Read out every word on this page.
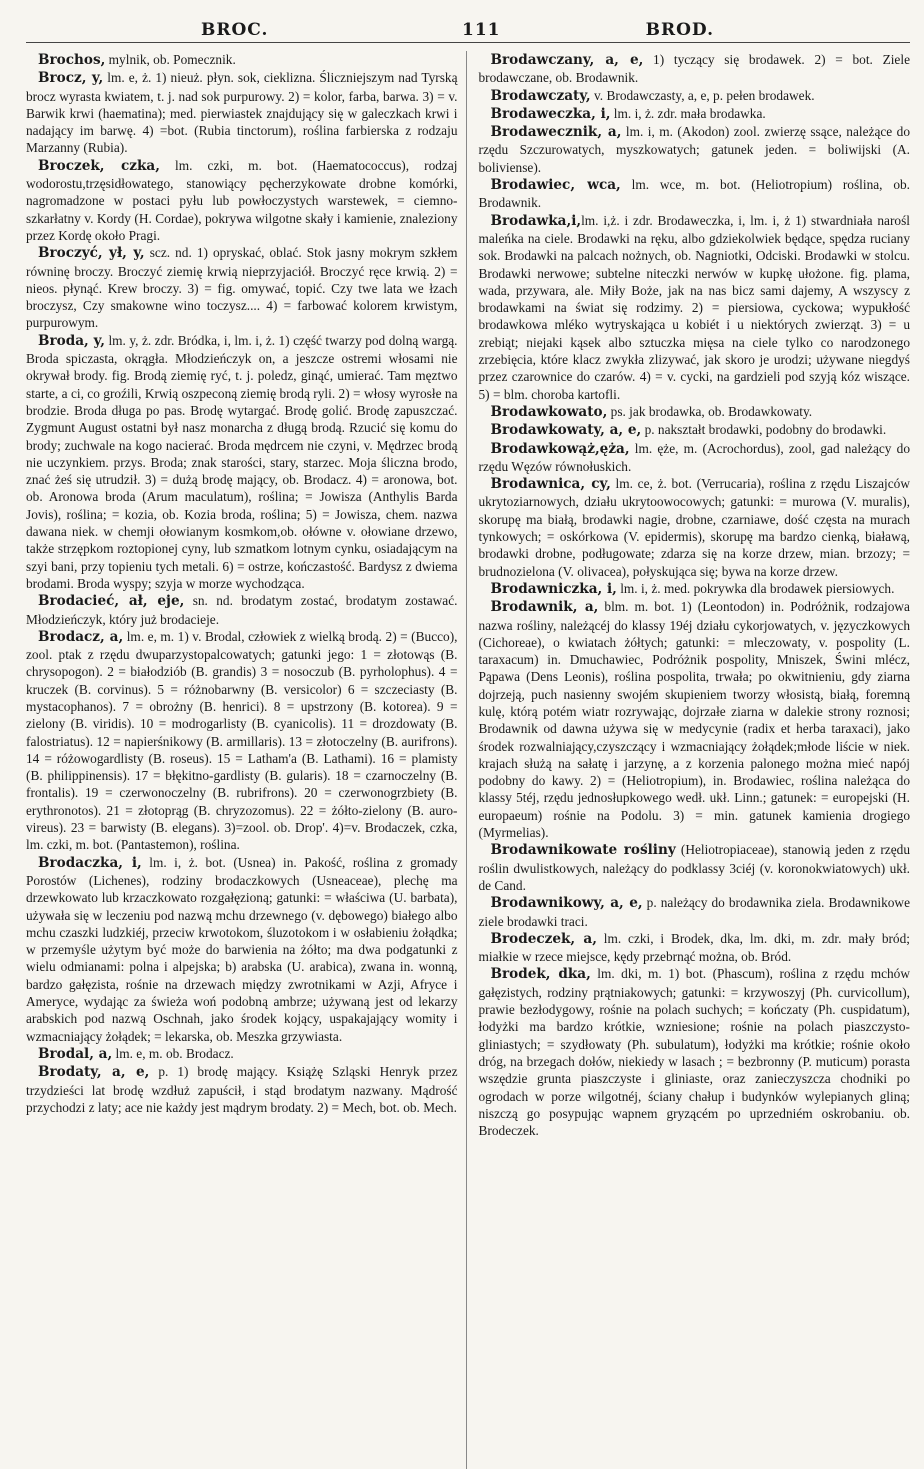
BROC.	111	BROD.

Brochos, mylnik, ob. Pomecznik.

Brocz, y, lm. e, ż. 1) nieuż. płyn. sok, cieklizna. Śliczniejszym nad Tyrską brocz wyrasta kwiatem, t. j. nad sok purpurowy. 2) = kolor, farba, barwa. 3) = v. Barwik krwi (haematina); med. pierwiastek znajdujący się w galeczkach krwi i nadający im barwę. 4) =bot. (Rubia tinctorum), roślina farbierska z rodzaju Marzanny (Rubia).

Broczek, czka, lm. czki, m. bot. (Haematococcus), rodzaj wodorostu,trzęsidłowatego, stanowiący pęcherzykowate drobne komórki, nagromadzone w postaci pyłu lub powłoczystych warstewek, = ciemno-szkarłatny v. Kordy (H. Cordae), pokrywa wilgotne skały i kamienie, znaleziony przez Kordę około Pragi.

Broczyć, ył, y, scz. nd. 1) opryskać, oblać. Stok jasny mokrym szkłem równinę broczy. Broczyć ziemię krwią nieprzyjaciół. Broczyć ręce krwią. 2) = nieos. płynąć. Krew broczy. 3) = fig. omywać, topić. Czy twe lata we łzach broczysz, Czy smakowne wino toczysz.... 4) = farbować kolorem krwistym, purpurowym.

Broda, y, lm. y, ż. zdr. Bródka, i, lm. i, ż. 1) część twarzy pod dolną wargą. Broda spiczasta, okrągła. Młodzieńczyk on, a jeszcze ostremi włosami nie okrywał brody. fig. Brodą ziemię ryć, t. j. poledz, ginąć, umierać. Tam męztwo starte, a ci, co groźili, Krwią oszpeconą ziemię brodą ryli. 2) = włosy wyrosłe na brodzie. Broda długa po pas. Brodę wytargać. Brodę golić. Brodę zapuszczać. Zygmunt August ostatni był nasz monarcha z długą brodą. Rzucić się komu do brody; zuchwale na kogo nacierać. Broda mędrcem nie czyni, v. Mędrzec brodą nie uczynkiem. przys. Broda; znak starości, stary, starzec. Moja śliczna brodo, znać żeś się utrudził. 3) = dużą brodę mający, ob. Brodacz. 4) = aronowa, bot. ob. Aronowa broda (Arum maculatum), roślina; = Jowisza (Anthylis Barda Jovis), roślina; = kozia, ob. Kozia broda, roślina; 5) = Jowisza, chem. nazwa dawana niek. w chemji ołowianym kosmkom,ob. ołówne v. ołowiane drzewo, także strzępkom roztopionej cyny, lub szmatkom lotnym cynku, osiadającym na szyi bani, przy topieniu tych metali. 6) = ostrze, kończastość. Bardysz z dwiema brodami. Broda wyspy; szyja w morze wychodząca.

Brodacieć, ał, eje, sn. nd. brodatym zostać, brodatym zostawać. Młodzieńczyk, który już brodacieje.

Brodacz, a, lm. e, m. 1) v. Brodal, człowiek z wielką brodą. 2) = (Bucco), zool. ptak z rzędu dwuparzystopalcowatych; gatunki jego: 1 = złotowąs (B. chrysopogon). 2 = białodziób (B. grandis) 3 = nosoczub (B. pyrholophus). 4 = kruczek (B. corvinus). 5 = różnobarwny (B. versicolor) 6 = szczeciasty (B. mystacophanos). 7 = obrożny (B. henrici). 8 = upstrzony (B. kotorea). 9 = zielony (B. viridis). 10 = modrogarlisty (B. cyanicolis). 11 = drozdowaty (B. falostriatus). 12 = napierśnikowy (B. armillaris). 13 = złotoczelny (B. aurifrons). 14 = różowogardlisty (B. roseus). 15 = Latham'a (B. Lathami). 16 = plamisty (B. philippinensis). 17 = błękitno-gardlisty (B. gularis). 18 = czarnoczelny (B. frontalis). 19 = czerwonoczelny (B. rubrifrons). 20 = czerwonogrzbiety (B. erythronotos). 21 = złotoprąg (B. chryzozomus). 22 = żółto-zielony (B. auro-vireus). 23 = barwisty (B. elegans). 3)=zool. ob. Drop'. 4)=v. Brodaczek, czka, lm. czki, m. bot. (Pantastemon), roślina.

Brodaczka, i, lm. i, ż. bot. (Usnea) in. Pakość, roślina z gromady Porostów (Lichenes), rodziny brodaczkowych (Usneaceae), plechę ma drzewkowato lub krzaczkowato rozgałęzioną; gatunki: = właściwa (U. barbata), używała się w leczeniu pod nazwą mchu drzewnego (v. dębowego) białego albo mchu czaszki ludzkiéj, przeciw krwotokom, śluzotokom i w osłabieniu żołądka; w przemyśle użytym być może do barwienia na żółto; ma dwa podgatunki z wielu odmianami: polna i alpejska; b) arabska (U. arabica), zwana in. wonną, bardzo gałęzista, rośnie na drzewach między zwrotnikami w Azji, Afryce i Ameryce, wydając za świeża woń podobną ambrze; używaną jest od lekarzy arabskich pod nazwą Oschnah, jako środek kojący, uspakajający womity i wzmacniający żołądek; = lekarska, ob. Meszka grzywiasta.

Brodal, a, lm. e, m. ob. Brodacz.

Brodaty, a, e, p. 1) brodę mający. Książę Szląski Henryk przez trzydzieści lat brodę wzdłuż zapuścił, i stąd brodatym nazwany. Mądrość przychodzi z laty; ace nie każdy jest mądrym brodaty. 2) = Mech, bot. ob. Mech.

Brodawczany, a, e, 1) tyczący się brodawek. 2) = bot. Ziele brodawczane, ob. Brodawnik.

Brodawczaty, v. Brodawczasty, a, e, p. pełen brodawek.

Brodaweczka, i, lm. i, ż. zdr. mała brodawka.

Brodawecznik, a, lm. i, m. (Akodon) zool. zwierzę ssące, należące do rzędu Szczurowatych, myszkowatych; gatunek jeden. = boliwijski (A. boliviense).

Brodawiec, wca, lm. wce, m. bot. (Heliotropium) roślina, ob. Brodawnik.

Brodawka,i,lm. i,ż. i zdr. Brodaweczka, i, lm. i, ż 1) stwardniała narośl maleńka na ciele. Brodawki na ręku, albo gdziekolwiek będące, spędza ruciany sok. Brodawki na palcach nożnych, ob. Nagniotki, Odciski. Brodawki w stolcu. Brodawki nerwowe; subtelne niteczki nerwów w kupkę ułożone. fig. plama, wada, przywara, ale. Miły Boże, jak na nas bicz sami dajemy, A wszyscy z brodawkami na świat się rodzimy. 2) = piersiowa, cyckowa; wypukłość brodawkowa mléko wytryskająca u kobiét i u niektórych zwierząt. 3) = u zrebiąt; niejaki kąsek albo sztuczka mięsa na ciele tylko co narodzonego zrzebięcia, które klacz zwykła zlizywać, jak skoro je urodzi; używane niegdyś przez czarownice do czarów. 4) = v. cycki, na gardzieli pod szyją kóz wiszące. 5) = blm. choroba kartofli.

Brodawkowato, ps. jak brodawka, ob. Brodawkowaty.

Brodawkowaty, a, e, p. nakształt brodawki, podobny do brodawki.

Brodawkowąż,ęża, lm. ęże, m. (Acrochordus), zool, gad należący do rzędu Węzów równołuskich.

Brodawnica, cy, lm. ce, ż. bot. (Verrucaria), roślina z rzędu Liszajców ukrytoziarnowych, działu ukrytoowocowych; gatunki: = murowa (V. muralis), skorupę ma białą, brodawki nagie, drobne, czarniawe, dość częsta na murach tynkowych; = oskórkowa (V. epidermis), skorupę ma bardzo cienką, białawą, brodawki drobne, podługowate; zdarza się na korze drzew, mian. brzozy; = brudnozielona (V. olivacea), połyskująca się; bywa na korze drzew.

Brodawniczka, i, lm. i, ż. med. pokrywka dla brodawek piersiowych.

Brodawnik, a, blm. m. bot. 1) (Leontodon) in. Podróżnik, rodzajowa nazwa rośliny, należącéj do klassy 19éj działu cykorjowatych, v. języczkowych (Cichoreae), o kwiatach żółtych; gatunki: = mleczowaty, v. pospolity (L. taraxacum) in. Dmuchawiec, Podróżnik pospolity, Mniszek, Świni mlécz, Pąpawa (Dens Leonis), roślina pospolita, trwała; po okwitnieniu, gdy ziarna dojrzeją, puch nasienny swojém skupieniem tworzy włosistą, białą, foremną kulę, którą potém wiatr rozrywając, dojrzałe ziarna w dalekie strony roznosi; Brodawnik od dawna używa się w medycynie (radix et herba taraxaci), jako środek rozwalniający,czyszczący i wzmacniający żołądek;młode liście w niek. krajach służą na sałatę i jarzynę, a z korzenia palonego można mieć napój podobny do kawy. 2) = (Heliotropium), in. Brodawiec, roślina należąca do klassy 5téj, rzędu jednosłupkowego wedł. ukł. Linn.; gatunek: = europejski (H. europaeum) rośnie na Podolu. 3) = min. gatunek kamienia drogiego (Myrmelias).

Brodawnikowate rośliny (Heliotropiaceae), stanowią jeden z rzędu roślin dwulistkowych, należący do podklassy 3ciéj (v. koronokwiatowych) ukł. de Cand.

Brodawnikowy, a, e, p. należący do brodawnika ziela. Brodawnikowe ziele brodawki traci.

Brodeczek, a, lm. czki, i Brodek, dka, lm. dki, m. zdr. mały bród; miałkie w rzece miejsce, kędy przebrnąć można, ob. Bród.

Brodek, dka, lm. dki, m. 1) bot. (Phascum), roślina z rzędu mchów gałęzistych, rodziny prątniakowych; gatunki: = krzywoszyj (Ph. curvicollum), prawie bezłodygowy, rośnie na polach suchych; = kończaty (Ph. cuspidatum), łodyżki ma bardzo krótkie, wzniesione; rośnie na polach piaszczysto-gliniastych; = szydłowaty (Ph. subulatum), łodyżki ma krótkie; rośnie około dróg, na brzegach dołów, niekiedy w lasach ; = bezbronny (P. muticum) porasta wszędzie grunta piaszczyste i gliniaste, oraz zanieczyszcza chodniki po ogrodach w porze wilgotnéj, ściany chałup i budynków wylepianych gliną; niszczą go posypując wapnem gryzącém po uprzedniém oskrobaniu. ob. Brodeczek.
